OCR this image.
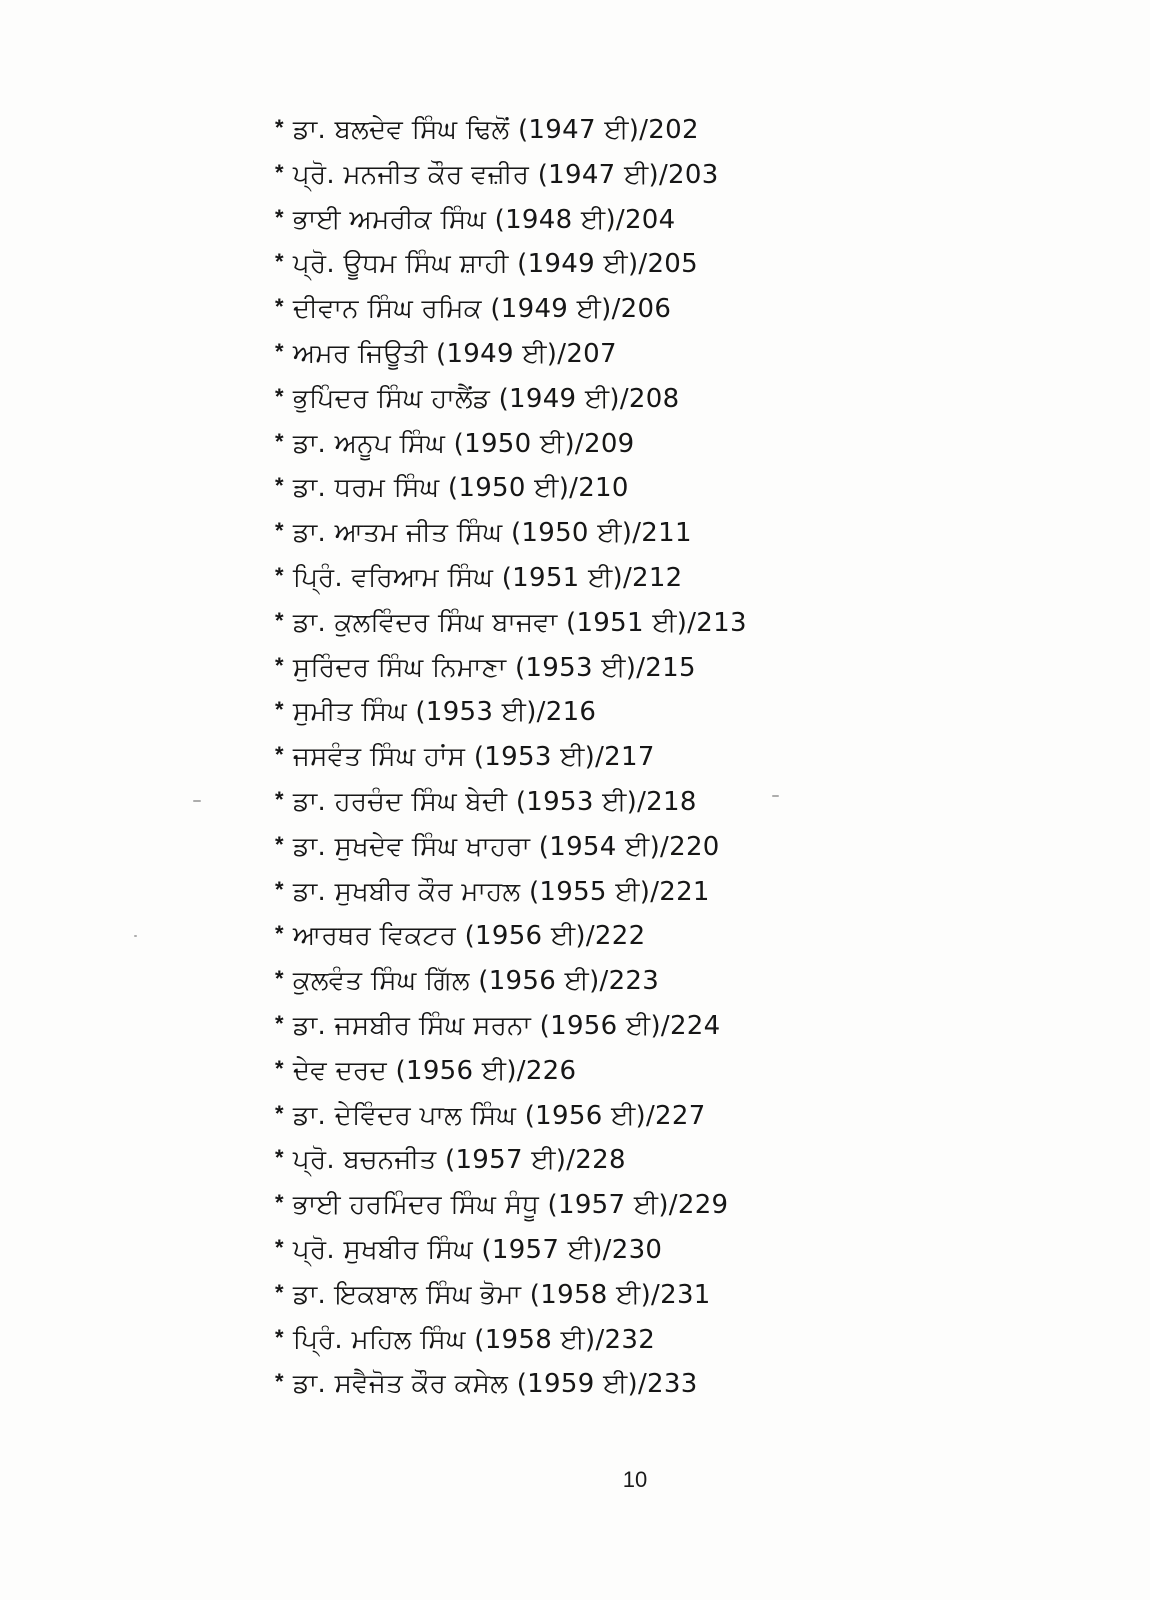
* ਡਾ. ਬਲਦੇਵ ਸਿੰਘ ਢਿਲੋਂ (1947 ਈ)/202
* ਪ੍ਰੋ. ਮਨਜੀਤ ਕੌਰ ਵਜ਼ੀਰ (1947 ਈ)/203
* ਭਾਈ ਅਮਰੀਕ ਸਿੰਘ (1948 ਈ)/204
* ਪ੍ਰੋ. ਊਧਮ ਸਿੰਘ ਸ਼ਾਹੀ (1949 ਈ)/205
* ਦੀਵਾਨ ਸਿੰਘ ਰਮਿਕ (1949 ਈ)/206
* ਅਮਰ ਜਿਊਤੀ (1949 ਈ)/207
* ਭੁਪਿੰਦਰ ਸਿੰਘ ਹਾਲੈਂਡ (1949 ਈ)/208
* ਡਾ. ਅਨੂਪ ਸਿੰਘ (1950 ਈ)/209
* ਡਾ. ਧਰਮ ਸਿੰਘ (1950 ਈ)/210
* ਡਾ. ਆਤਮ ਜੀਤ ਸਿੰਘ (1950 ਈ)/211
* ਪ੍ਰਿੰ. ਵਰਿਆਮ ਸਿੰਘ (1951 ਈ)/212
* ਡਾ. ਕੁਲਵਿੰਦਰ ਸਿੰਘ ਬਾਜਵਾ (1951 ਈ)/213
* ਸੁਰਿੰਦਰ ਸਿੰਘ ਨਿਮਾਣਾ (1953 ਈ)/215
* ਸੁਮੀਤ ਸਿੰਘ (1953 ਈ)/216
* ਜਸਵੰਤ ਸਿੰਘ ਹਾਂਸ (1953 ਈ)/217
* ਡਾ. ਹਰਚੰਦ ਸਿੰਘ ਬੇਦੀ (1953 ਈ)/218
* ਡਾ. ਸੁਖਦੇਵ ਸਿੰਘ ਖਾਹਰਾ (1954 ਈ)/220
* ਡਾ. ਸੁਖਬੀਰ ਕੌਰ ਮਾਹਲ (1955 ਈ)/221
* ਆਰਥਰ ਵਿਕਟਰ (1956 ਈ)/222
* ਕੁਲਵੰਤ ਸਿੰਘ ਗਿੱਲ (1956 ਈ)/223
* ਡਾ. ਜਸਬੀਰ ਸਿੰਘ ਸਰਨਾ (1956 ਈ)/224
* ਦੇਵ ਦਰਦ (1956 ਈ)/226
* ਡਾ. ਦੇਵਿੰਦਰ ਪਾਲ ਸਿੰਘ (1956 ਈ)/227
* ਪ੍ਰੋ. ਬਚਨਜੀਤ (1957 ਈ)/228
* ਭਾਈ ਹਰਮਿੰਦਰ ਸਿੰਘ ਸੰਧੂ (1957 ਈ)/229
* ਪ੍ਰੋ. ਸੁਖਬੀਰ ਸਿੰਘ (1957 ਈ)/230
* ਡਾ. ਇਕਬਾਲ ਸਿੰਘ ਭੋਮਾ (1958 ਈ)/231
* ਪ੍ਰਿੰ. ਮਹਿਲ ਸਿੰਘ (1958 ਈ)/232
* ਡਾ. ਸਵੈਜੋਤ ਕੌਰ ਕਸੇਲ (1959 ਈ)/233
10
